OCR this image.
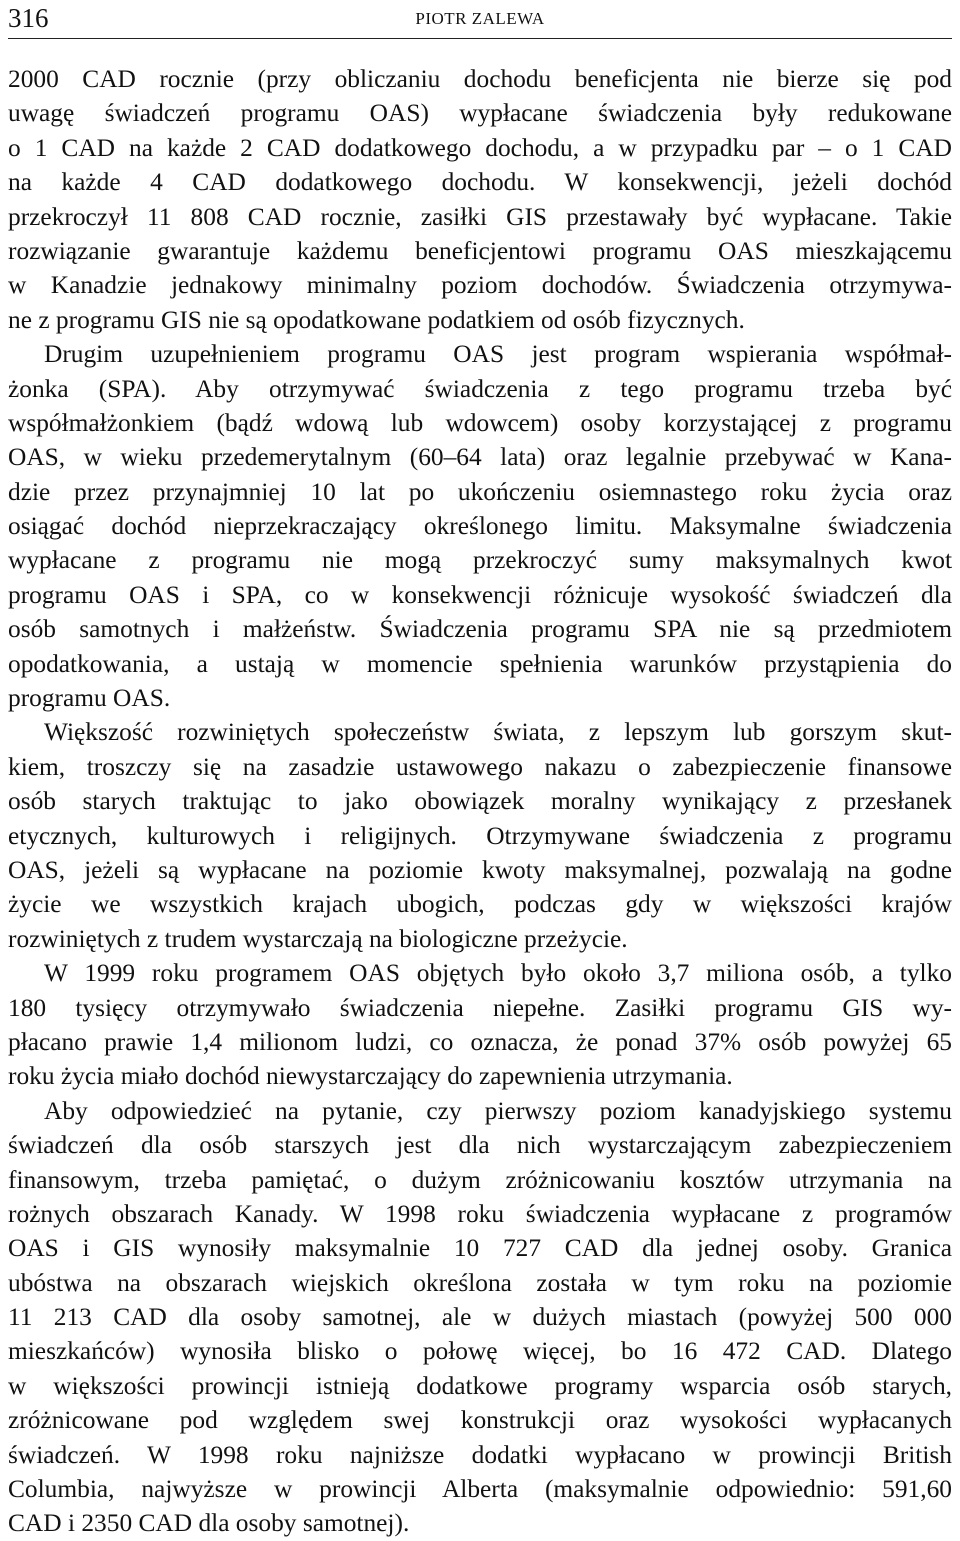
316	PIOTR ZALEWA
2000 CAD rocznie (przy obliczaniu dochodu beneficjenta nie bierze się pod
uwagę świadczeń programu OAS) wypłacane świadczenia były redukowane
o 1 CAD na każde 2 CAD dodatkowego dochodu, a w przypadku par – o 1 CAD
na każde 4 CAD dodatkowego dochodu. W konsekwencji, jeżeli dochód
przekroczył 11 808 CAD rocznie, zasiłki GIS przestawały być wypłacane. Takie
rozwiązanie gwarantuje każdemu beneficjentowi programu OAS mieszkającemu
w Kanadzie jednakowy minimalny poziom dochodów. Świadczenia otrzymywa-
ne z programu GIS nie są opodatkowane podatkiem od osób fizycznych.
Drugim uzupełnieniem programu OAS jest program wspierania współmał-
żonka (SPA). Aby otrzymywać świadczenia z tego programu trzeba być
współmałżonkiem (bądź wdową lub wdowcem) osoby korzystającej z programu
OAS, w wieku przedemerytalnym (60–64 lata) oraz legalnie przebywać w Kana-
dzie przez przynajmniej 10 lat po ukończeniu osiemnastego roku życia oraz
osiągać dochód nieprzekraczający określonego limitu. Maksymalne świadczenia
wypłacane z programu nie mogą przekroczyć sumy maksymalnych kwot
programu OAS i SPA, co w konsekwencji różnicuje wysokość świadczeń dla
osób samotnych i małżeństw. Świadczenia programu SPA nie są przedmiotem
opodatkowania, a ustają w momencie spełnienia warunków przystąpienia do
programu OAS.
Większość rozwiniętych społeczeństw świata, z lepszym lub gorszym skut-
kiem, troszczy się na zasadzie ustawowego nakazu o zabezpieczenie finansowe
osób starych traktując to jako obowiązek moralny wynikający z przesłanek
etycznych, kulturowych i religijnych. Otrzymywane świadczenia z programu
OAS, jeżeli są wypłacane na poziomie kwoty maksymalnej, pozwalają na godne
życie we wszystkich krajach ubogich, podczas gdy w większości krajów
rozwiniętych z trudem wystarczają na biologiczne przeżycie.
W 1999 roku programem OAS objętych było około 3,7 miliona osób, a tylko
180 tysięcy otrzymywało świadczenia niepełne. Zasiłki programu GIS wy-
płacano prawie 1,4 milionom ludzi, co oznacza, że ponad 37% osób powyżej 65
roku życia miało dochód niewystarczający do zapewnienia utrzymania.
Aby odpowiedzieć na pytanie, czy pierwszy poziom kanadyjskiego systemu
świadczeń dla osób starszych jest dla nich wystarczającym zabezpieczeniem
finansowym, trzeba pamiętać, o dużym zróżnicowaniu kosztów utrzymania na
rożnych obszarach Kanady. W 1998 roku świadczenia wypłacane z programów
OAS i GIS wynosiły maksymalnie 10 727 CAD dla jednej osoby. Granica
ubóstwa na obszarach wiejskich określona została w tym roku na poziomie
11 213 CAD dla osoby samotnej, ale w dużych miastach (powyżej 500 000
mieszkańców) wynosiła blisko o połowę więcej, bo 16 472 CAD. Dlatego
w większości prowincji istnieją dodatkowe programy wsparcia osób starych,
zróżnicowane pod względem swej konstrukcji oraz wysokości wypłacanych
świadczeń. W 1998 roku najniższe dodatki wypłacano w prowincji British
Columbia, najwyższe w prowincji Alberta (maksymalnie odpowiednio: 591,60
CAD i 2350 CAD dla osoby samotnej).
